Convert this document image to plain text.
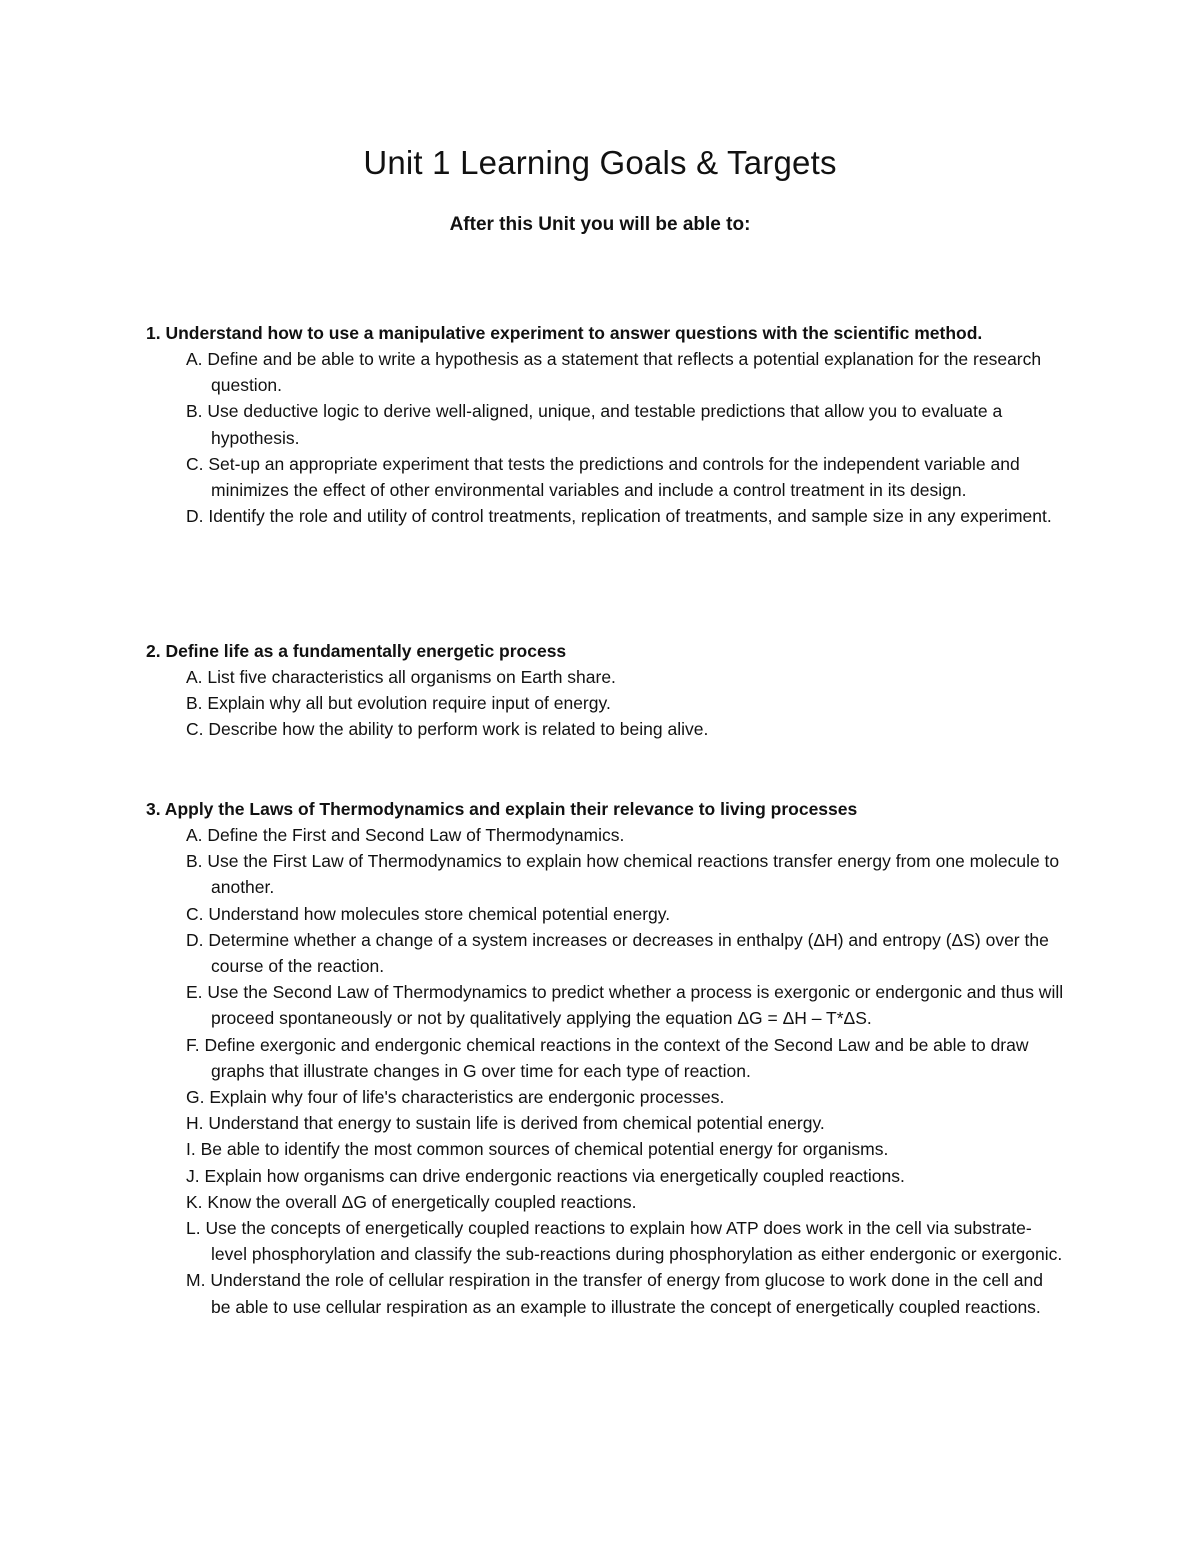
Unit 1 Learning Goals & Targets
After this Unit you will be able to:

1. Understand how to use a manipulative experiment to answer questions with the scientific method.

A. Define and be able to write a hypothesis as a statement that reflects a potential explanation for the research question.
B. Use deductive logic to derive well-aligned, unique, and testable predictions that allow you to evaluate a hypothesis.
C. Set-up an appropriate experiment that tests the predictions and controls for the independent variable and minimizes the effect of other environmental variables and include a control treatment in its design.
D. Identify the role and utility of control treatments, replication of treatments, and sample size in any experiment.

2. Define life as a fundamentally energetic process

A. List five characteristics all organisms on Earth share.
B. Explain why all but evolution require input of energy.
C. Describe how the ability to perform work is related to being alive.

3. Apply the Laws of Thermodynamics and explain their relevance to living processes

A. Define the First and Second Law of Thermodynamics.
B. Use the First Law of Thermodynamics to explain how chemical reactions transfer energy from one molecule to another.
C. Understand how molecules store chemical potential energy.
D. Determine whether a change of a system increases or decreases in enthalpy (ΔH) and entropy (ΔS) over the course of the reaction.
E. Use the Second Law of Thermodynamics to predict whether a process is exergonic or endergonic and thus will proceed spontaneously or not by qualitatively applying the equation ΔG = ΔH – T*ΔS.
F. Define exergonic and endergonic chemical reactions in the context of the Second Law and be able to draw graphs that illustrate changes in G over time for each type of reaction.
G. Explain why four of life's characteristics are endergonic processes.
H. Understand that energy to sustain life is derived from chemical potential energy.
I. Be able to identify the most common sources of chemical potential energy for organisms.
J. Explain how organisms can drive endergonic reactions via energetically coupled reactions.
K. Know the overall ΔG of energetically coupled reactions.
L. Use the concepts of energetically coupled reactions to explain how ATP does work in the cell via substrate-level phosphorylation and classify the sub-reactions during phosphorylation as either endergonic or exergonic.
M. Understand the role of cellular respiration in the transfer of energy from glucose to work done in the cell and be able to use cellular respiration as an example to illustrate the concept of energetically coupled reactions.
